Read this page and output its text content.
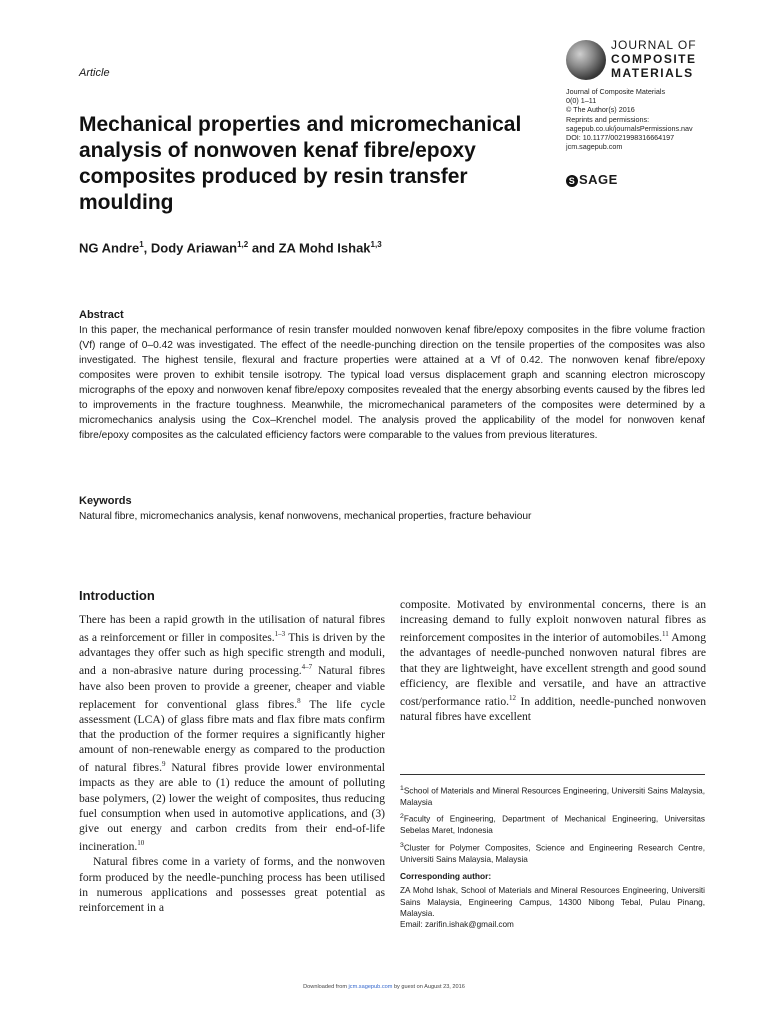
Article
JOURNAL OF
COMPOSITE
MATERIALS
Journal of Composite Materials
0(0) 1–11
© The Author(s) 2016
Reprints and permissions:
sagepub.co.uk/journalsPermissions.nav
DOI: 10.1177/0021998316664197
jcm.sagepub.com
S SAGE
Mechanical properties and micromechanical analysis of nonwoven kenaf fibre/epoxy composites produced by resin transfer moulding
NG Andre$^1$, Dody Ariawan$^{1,2}$ and ZA Mohd Ishak$^{1,3}$
Abstract
In this paper, the mechanical performance of resin transfer moulded nonwoven kenaf fibre/epoxy composites in the fibre volume fraction (Vf) range of 0–0.42 was investigated. The effect of the needle-punching direction on the tensile properties of the composites was also investigated. The highest tensile, flexural and fracture properties were attained at a Vf of 0.42. The nonwoven kenaf fibre/epoxy composites were proven to exhibit tensile isotropy. The typical load versus displacement graph and scanning electron microscopy micrographs of the epoxy and nonwoven kenaf fibre/epoxy composites revealed that the energy absorbing events caused by the fibres led to improvements in the fracture toughness. Meanwhile, the micromechanical parameters of the composites were determined by a micromechanics analysis using the Cox–Krenchel model. The analysis proved the applicability of the model for nonwoven kenaf fibre/epoxy composites as the calculated efficiency factors were comparable to the values from previous literatures.
Keywords
Natural fibre, micromechanics analysis, kenaf nonwovens, mechanical properties, fracture behaviour
Introduction

There has been a rapid growth in the utilisation of natural fibres as a reinforcement or filler in composites.$^{1-3}$ This is driven by the advantages they offer such as high specific strength and moduli, and a non-abrasive nature during processing.$^{4-7}$ Natural fibres have also been proven to provide a greener, cheaper and viable replacement for conventional glass fibres.$^8$ The life cycle assessment (LCA) of glass fibre mats and flax fibre mats confirm that the production of the former requires a significantly higher amount of non-renewable energy as compared to the production of natural fibres.$^9$ Natural fibres provide lower environmental impacts as they are able to (1) reduce the amount of polluting base polymers, (2) lower the weight of composites, thus reducing fuel consumption when used in automotive applications, and (3) give out energy and carbon credits from their end-of-life incineration.$^{10}$

Natural fibres come in a variety of forms, and the nonwoven form produced by the needle-punching process has been utilised in numerous applications and possesses great potential as reinforcement in a

composite. Motivated by environmental concerns, there is an increasing demand to fully exploit nonwoven natural fibres as reinforcement composites in the interior of automobiles.$^{11}$ Among the advantages of needle-punched nonwoven natural fibres are that they are lightweight, have excellent strength and good sound efficiency, are flexible and versatile, and have an attractive cost/performance ratio.$^{12}$ In addition, needle-punched nonwoven natural fibres have excellent

$^1$School of Materials and Mineral Resources Engineering, Universiti Sains Malaysia, Malaysia

$^2$Faculty of Engineering, Department of Mechanical Engineering, Universitas Sebelas Maret, Indonesia

$^3$Cluster for Polymer Composites, Science and Engineering Research Centre, Universiti Sains Malaysia, Malaysia

Corresponding author:

ZA Mohd Ishak, School of Materials and Mineral Resources Engineering, Universiti Sains Malaysia, Engineering Campus, 14300 Nibong Tebal, Pulau Pinang, Malaysia.

Email: zarifin.ishak@gmail.com

Downloaded from jcm.sagepub.com by guest on August 23, 2016
